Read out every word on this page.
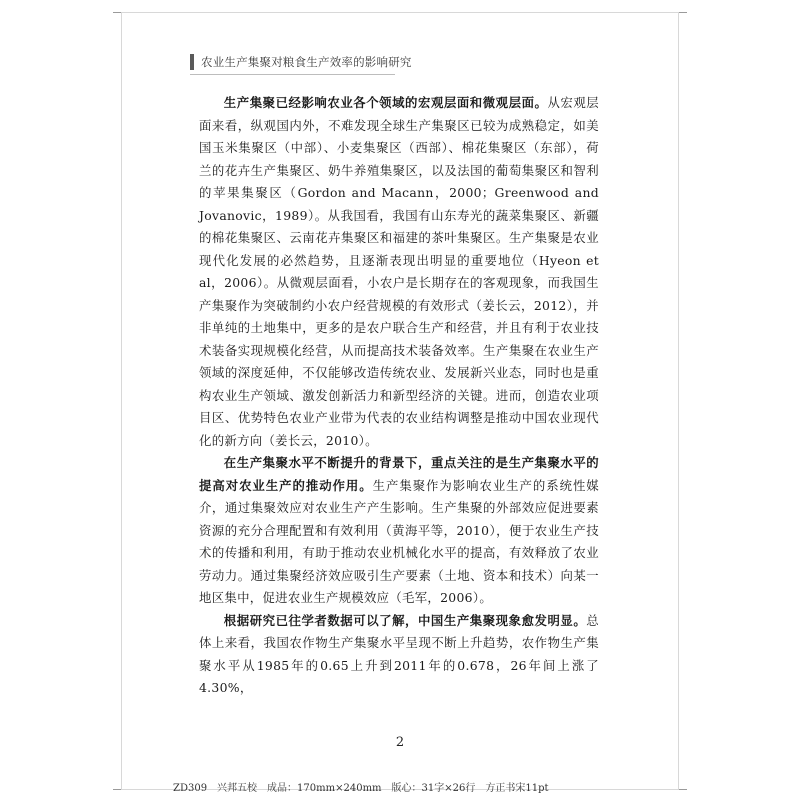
农业生产集聚对粮食生产效率的影响研究

生产集聚已经影响农业各个领域的宏观层面和微观层面。从宏观层面来看，纵观国内外，不难发现全球生产集聚区已较为成熟稳定，如美国玉米集聚区（中部）、小麦集聚区（西部）、棉花集聚区（东部），荷兰的花卉生产集聚区、奶牛养殖集聚区，以及法国的葡萄集聚区和智利的苹果集聚区（Gordon and Macann，2000；Greenwood and Jovanovic，1989）。从我国看，我国有山东寿光的蔬菜集聚区、新疆的棉花集聚区、云南花卉集聚区和福建的茶叶集聚区。生产集聚是农业现代化发展的必然趋势，且逐渐表现出明显的重要地位（Hyeon et al，2006）。从微观层面看，小农户是长期存在的客观现象，而我国生产集聚作为突破制约小农户经营规模的有效形式（姜长云，2012），并非单纯的土地集中，更多的是农户联合生产和经营，并且有利于农业技术装备实现规模化经营，从而提高技术装备效率。生产集聚在农业生产领域的深度延伸，不仅能够改造传统农业、发展新兴业态，同时也是重构农业生产领域、激发创新活力和新型经济的关键。进而，创造农业项目区、优势特色农业产业带为代表的农业结构调整是推动中国农业现代化的新方向（姜长云，2010）。

在生产集聚水平不断提升的背景下，重点关注的是生产集聚水平的提高对农业生产的推动作用。生产集聚作为影响农业生产的系统性媒介，通过集聚效应对农业生产产生影响。生产集聚的外部效应促进要素资源的充分合理配置和有效利用（黄海平等，2010），便于农业生产技术的传播和利用，有助于推动农业机械化水平的提高，有效释放了农业劳动力。通过集聚经济效应吸引生产要素（土地、资本和技术）向某一地区集中，促进农业生产规模效应（毛军，2006）。

根据研究已往学者数据可以了解，中国生产集聚现象愈发明显。总体上来看，我国农作物生产集聚水平呈现不断上升趋势，农作物生产集聚水平从1985年的0.65上升到2011年的0.678，26年间上涨了4.30%，

2
ZD309　兴邦五校　成品：170mm×240mm　版心：31字×26行　方正书宋11pt
